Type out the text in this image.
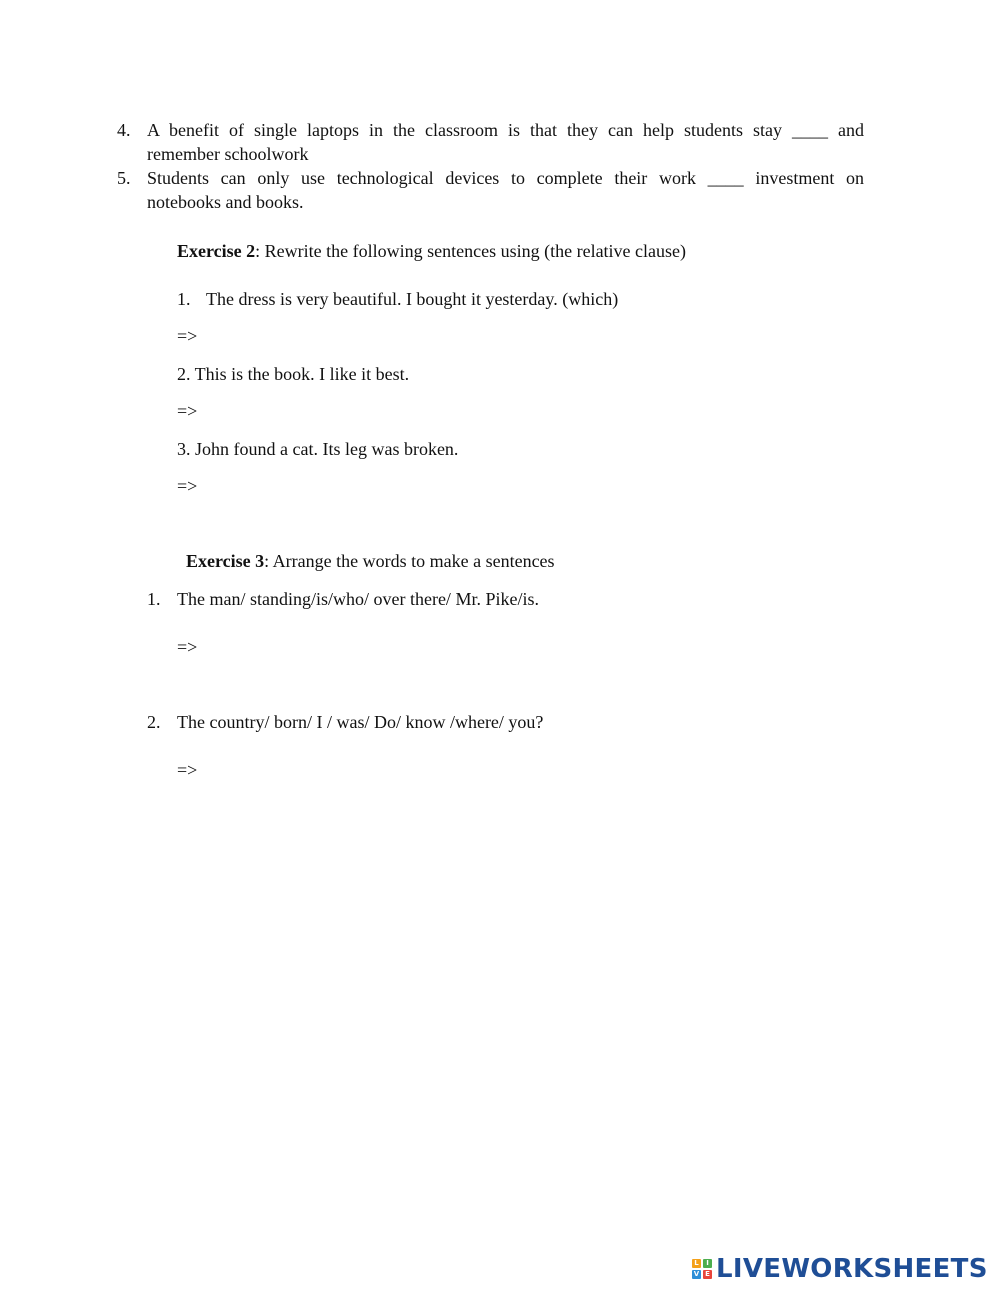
4. A benefit of single laptops in the classroom is that they can help students stay ____ and
remember schoolwork
5. Students can only use technological devices to complete their work ____ investment on
notebooks and books.
Exercise 2: Rewrite the following sentences using (the relative clause)
1. The dress is very beautiful. I bought it yesterday. (which)
=>
2. This is the book. I like it best.
=>
3. John found a cat. Its leg was broken.
=>
Exercise 3: Arrange the words to make a sentences
1. The man/ standing/is/who/ over there/ Mr. Pike/is.
=>
2. The country/ born/ I / was/ Do/ know /where/ you?
=>
L	I
V E LIVEWORKSHEETS
